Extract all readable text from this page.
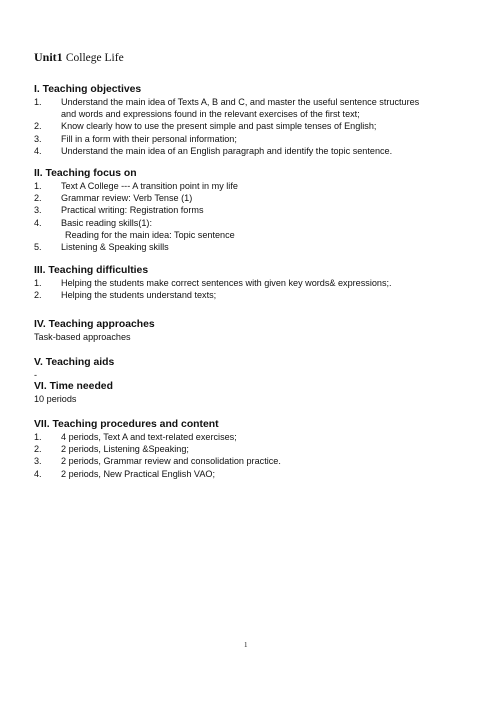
Unit1 College Life
I. Teaching objectives
1. Understand the main idea of Texts A, B and C, and master the useful sentence structures
and words and expressions found in the relevant exercises of the first text;
2. Know clearly how to use the present simple and past simple tenses of English;
3. Fill in a form with their personal information;
4. Understand the main idea of an English paragraph and identify the topic sentence.
II. Teaching focus on
1. Text A College --- A transition point in my life
2. Grammar review: Verb Tense (1)
3. Practical writing: Registration forms
4. Basic reading skills(1):
Reading for the main idea: Topic sentence
5. Listening & Speaking skills
III. Teaching difficulties
1. Helping the students make correct sentences with given key words& expressions;.
2. Helping the students understand texts;
IV. Teaching approaches
Task-based approaches
V. Teaching aids
-
VI. Time needed
10 periods
VII. Teaching procedures and content
1. 4 periods, Text A and text-related exercises;
2. 2 periods, Listening &Speaking;
3. 2 periods, Grammar review and consolidation practice.
4. 2 periods, New Practical English VAO;
1
